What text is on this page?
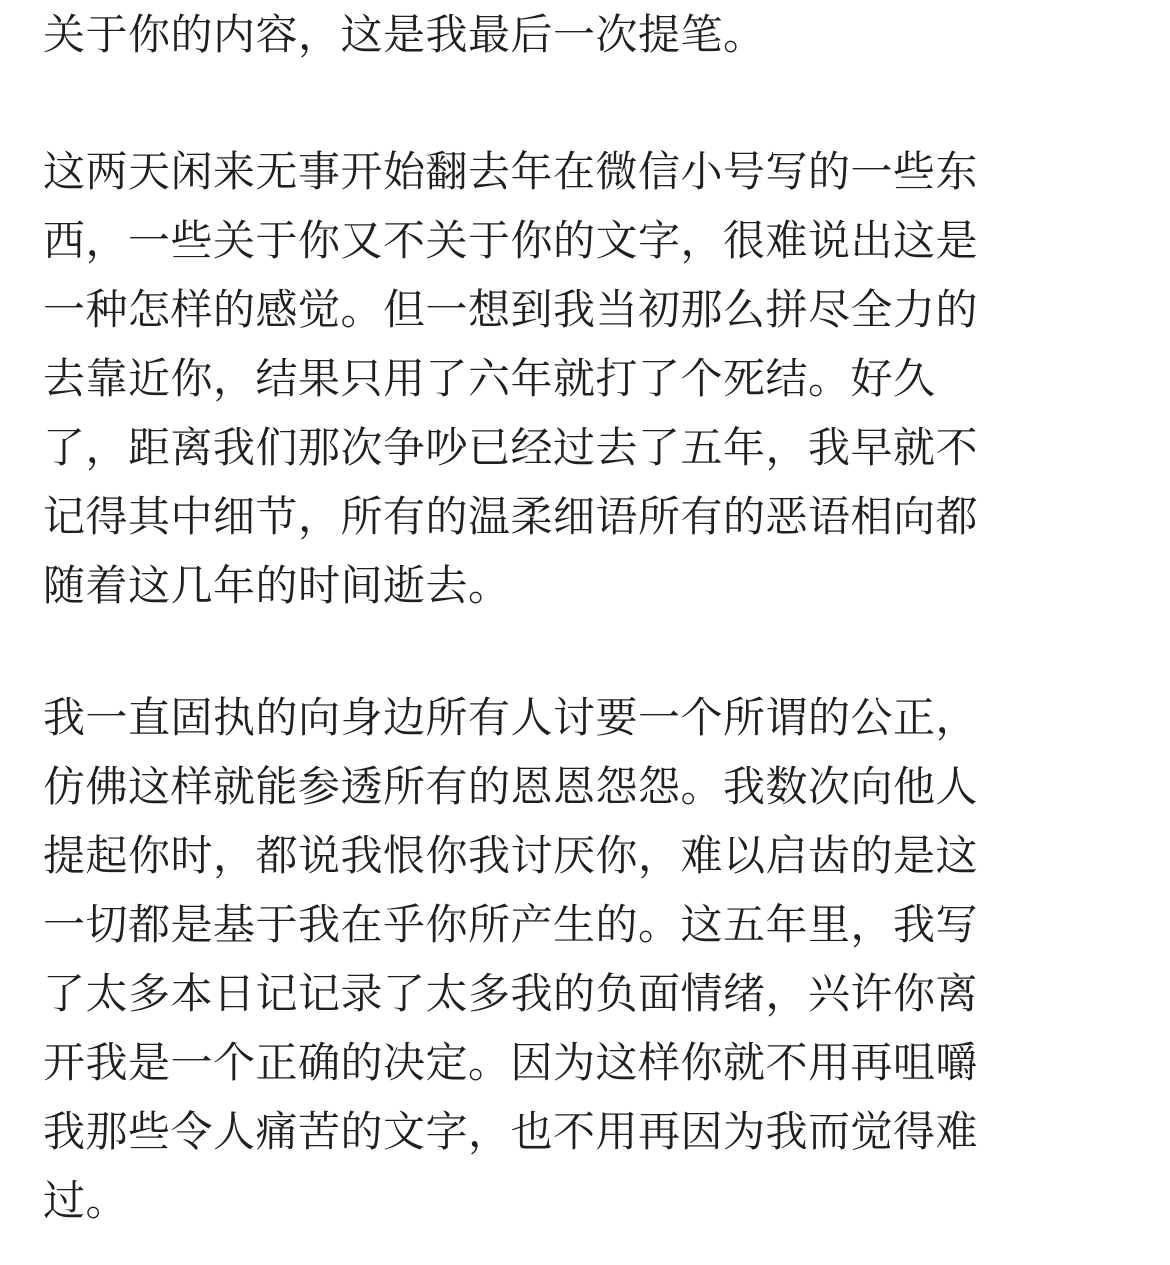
关于你的内容，这是我最后一次提笔。
这两天闲来无事开始翻去年在微信小号写的一些东
西，一些关于你又不关于你的文字，很难说出这是
一种怎样的感觉。但一想到我当初那么拼尽全力的
去靠近你，结果只用了六年就打了个死结。好久
了，距离我们那次争吵已经过去了五年，我早就不
记得其中细节，所有的温柔细语所有的恶语相向都
随着这几年的时间逝去。
我一直固执的向身边所有人讨要一个所谓的公正，
仿佛这样就能参透所有的恩恩怨怨。我数次向他人
提起你时，都说我恨你我讨厌你，难以启齿的是这
一切都是基于我在乎你所产生的。这五年里，我写
了太多本日记记录了太多我的负面情绪，兴许你离
开我是一个正确的决定。因为这样你就不用再咀嚼
我那些令人痛苦的文字，也不用再因为我而觉得难
过。
